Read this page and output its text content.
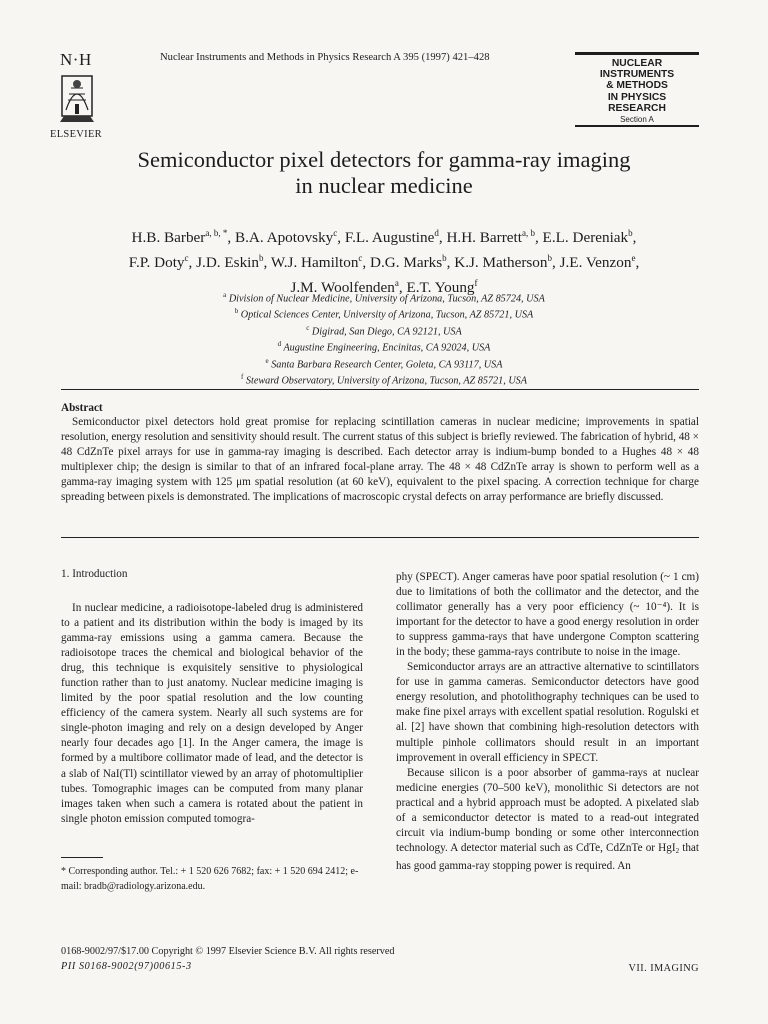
N·H
ELSEVIER
Nuclear Instruments and Methods in Physics Research A 395 (1997) 421–428
NUCLEAR
INSTRUMENTS
& METHODS
IN PHYSICS
RESEARCH
Section A
Semiconductor pixel detectors for gamma-ray imaging
in nuclear medicine
H.B. Barber$^{a, b, *}$, B.A. Apotovsky$^c$, F.L. Augustine$^d$, H.H. Barrett$^{a, b}$, E.L. Dereniak$^b$,
F.P. Doty$^c$, J.D. Eskin$^b$, W.J. Hamilton$^c$, D.G. Marks$^b$, K.J. Matherson$^b$, J.E. Venzon$^e$,
J.M. Woolfenden$^a$, E.T. Young$^f$
$^a$ Division of Nuclear Medicine, University of Arizona, Tucson, AZ 85724, USA
$^b$ Optical Sciences Center, University of Arizona, Tucson, AZ 85721, USA
$^c$ Digirad, San Diego, CA 92121, USA
$^d$ Augustine Engineering, Encinitas, CA 92024, USA
$^e$ Santa Barbara Research Center, Goleta, CA 93117, USA
$^f$ Steward Observatory, University of Arizona, Tucson, AZ 85721, USA
Abstract
Semiconductor pixel detectors hold great promise for replacing scintillation cameras in nuclear medicine; improvements in spatial resolution, energy resolution and sensitivity should result. The current status of this subject is briefly reviewed. The fabrication of hybrid, 48 × 48 CdZnTe pixel arrays for use in gamma-ray imaging is described. Each detector array is indium-bump bonded to a Hughes 48 × 48 multiplexer chip; the design is similar to that of an infrared focal-plane array. The 48 × 48 CdZnTe array is shown to perform well as a gamma-ray imaging system with 125 μm spatial resolution (at 60 keV), equivalent to the pixel spacing. A correction technique for charge spreading between pixels is demonstrated. The implications of macroscopic crystal defects on array performance are briefly discussed.
1. Introduction

In nuclear medicine, a radioisotope-labeled drug is administered to a patient and its distribution within the body is imaged by its gamma-ray emissions using a gamma camera. Because the radioisotope traces the chemical and biological behavior of the drug, this technique is exquisitely sensitive to physiological function rather than to just anatomy. Nuclear medicine imaging is limited by the poor spatial resolution and the low counting efficiency of the camera system. Nearly all such systems are for single-photon imaging and rely on a design developed by Anger nearly four decades ago [1]. In the Anger camera, the image is formed by a multibore collimator made of lead, and the detector is a slab of NaI(Tl) scintillator viewed by an array of photomultiplier tubes. Tomographic images can be computed from many planar images taken when such a camera is rotated about the patient in single photon emission computed tomogra-

phy (SPECT). Anger cameras have poor spatial resolution (~ 1 cm) due to limitations of both the collimator and the detector, and the collimator generally has a very poor efficiency (~ 10⁻⁴). It is important for the detector to have a good energy resolution in order to suppress gamma-rays that have undergone Compton scattering in the body; these gamma-rays contribute to noise in the image.

Semiconductor arrays are an attractive alternative to scintillators for use in gamma cameras. Semiconductor detectors have good energy resolution, and photolithography techniques can be used to make fine pixel arrays with excellent spatial resolution. Rogulski et al. [2] have shown that combining high-resolution detectors with multiple pinhole collimators should result in an important improvement in overall efficiency in SPECT.

Because silicon is a poor absorber of gamma-rays at nuclear medicine energies (70–500 keV), monolithic Si detectors are not practical and a hybrid approach must be adopted. A pixelated slab of a semiconductor detector is mated to a read-out integrated circuit via indium-bump bonding or some other interconnection technology. A detector material such as CdTe, CdZnTe or HgI$_2$ that has good gamma-ray stopping power is required. An

* Corresponding author. Tel.: + 1 520 626 7682; fax: + 1 520 694 2412; e-mail: bradb@radiology.arizona.edu.
0168-9002/97/$17.00 Copyright © 1997 Elsevier Science B.V. All rights reserved
PII S0168-9002(97)00615-3	VII. IMAGING
